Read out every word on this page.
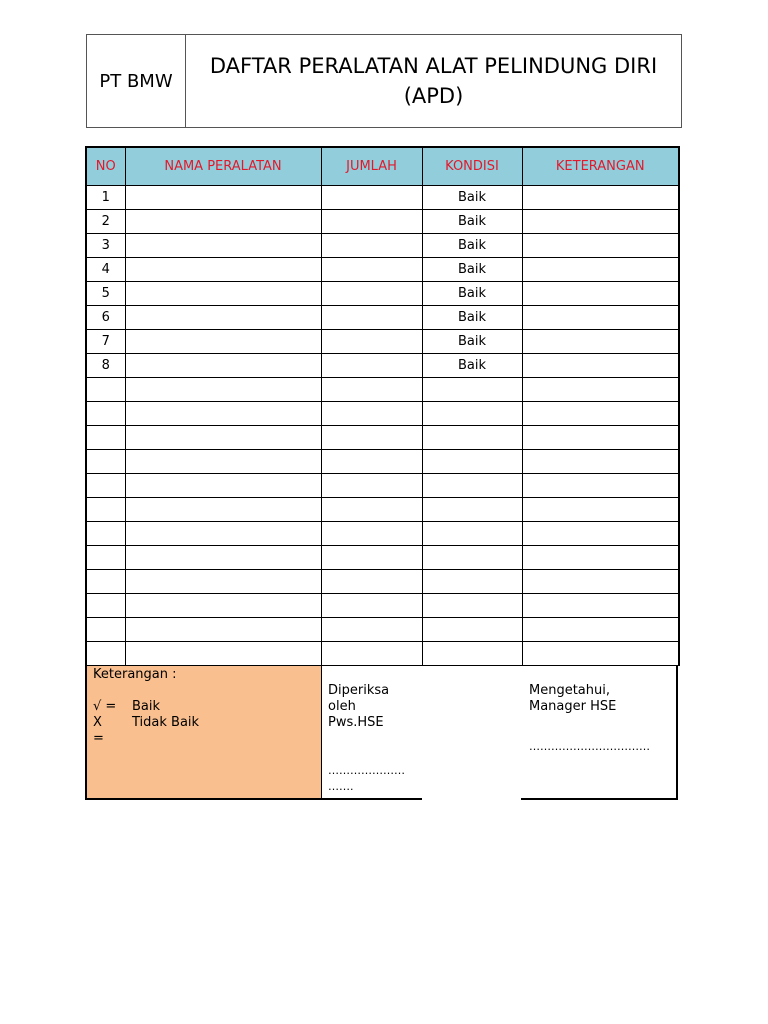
PT BMW
DAFTAR PERALATAN ALAT PELINDUNG DIRI (APD)
NO	NAMA PERALATAN	JUMLAH	KONDISI	KETERANGAN
1			Baik	
2			Baik	
3			Baik	
4			Baik	
5			Baik	
6			Baik	
7			Baik	
8			Baik	

Keterangan :
√ =	Baik
X	Tidak Baik
=
Diperiksa
oleh
Pws.HSE
…………………
…….
Mengetahui,
Manager HSE
……………………………
